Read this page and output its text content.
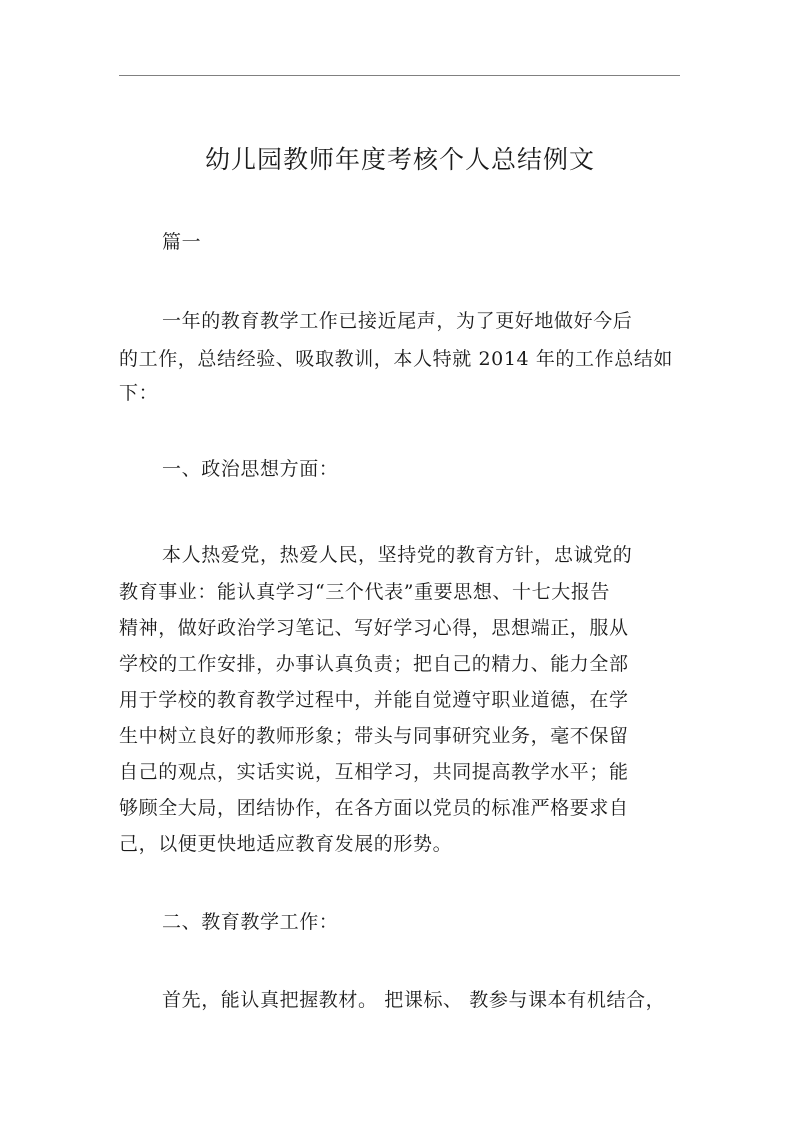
幼儿园教师年度考核个人总结例文
篇一
一年的教育教学工作已接近尾声，为了更好地做好今后
的工作，总结经验、吸取教训，本人特就 2014 年的工作总结如
下：
一、政治思想方面：
本人热爱党，热爱人民，坚持党的教育方针，忠诚党的
教育事业：能认真学习“三个代表”重要思想、十七大报告
精神，做好政治学习笔记、写好学习心得，思想端正，服从
学校的工作安排，办事认真负责；把自己的精力、能力全部
用于学校的教育教学过程中，并能自觉遵守职业道德，在学
生中树立良好的教师形象；带头与同事研究业务，毫不保留
自己的观点，实话实说，互相学习，共同提高教学水平；能
够顾全大局，团结协作，在各方面以党员的标准严格要求自
己，以便更快地适应教育发展的形势。
二、教育教学工作：
首先，能认真把握教材。 把课标、 教参与课本有机结合，
